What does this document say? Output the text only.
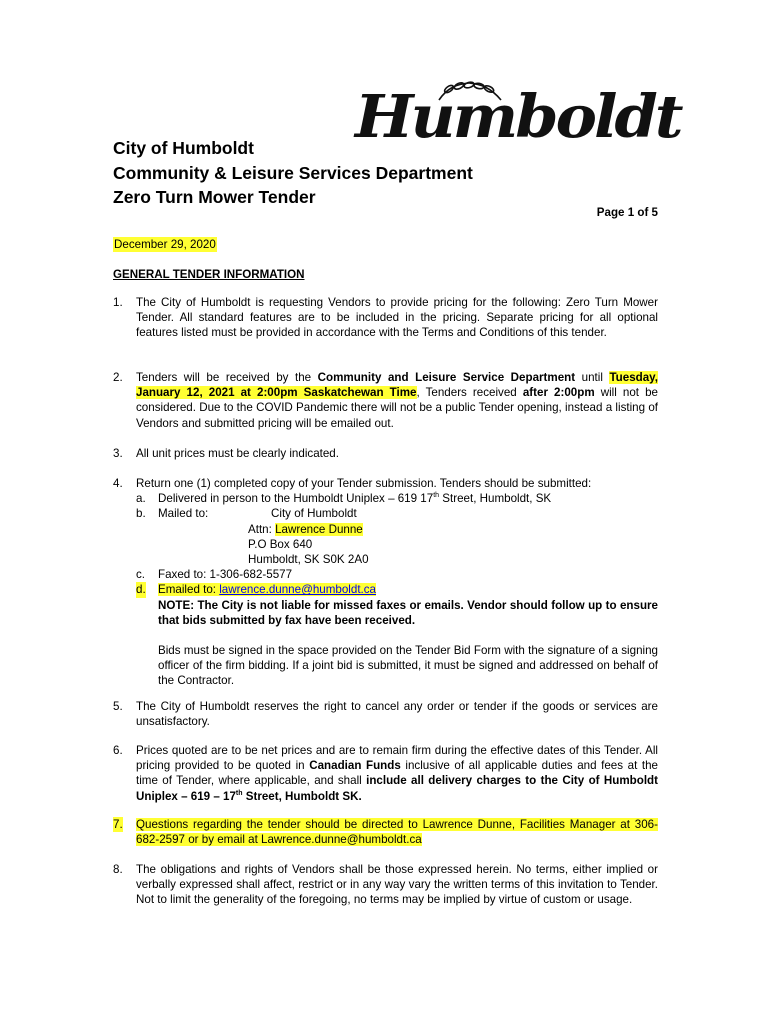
Humboldt
City of Humboldt
Community & Leisure Services Department
Zero Turn Mower Tender
Page 1 of 5
December 29, 2020
GENERAL TENDER INFORMATION
1. The City of Humboldt is requesting Vendors to provide pricing for the following: Zero Turn Mower Tender. All standard features are to be included in the pricing. Separate pricing for all optional features listed must be provided in accordance with the Terms and Conditions of this tender.
2. Tenders will be received by the Community and Leisure Service Department until Tuesday, January 12, 2021 at 2:00pm Saskatchewan Time, Tenders received after 2:00pm will not be considered. Due to the COVID Pandemic there will not be a public Tender opening, instead a listing of Vendors and submitted pricing will be emailed out.
3. All unit prices must be clearly indicated.
4. Return one (1) completed copy of your Tender submission. Tenders should be submitted:
a. Delivered in person to the Humboldt Uniplex – 619 17th Street, Humboldt, SK
b. Mailed to:	City of Humboldt
Attn: Lawrence Dunne
P.O Box 640
Humboldt, SK S0K 2A0
c. Faxed to: 1-306-682-5577
d. Emailed to: lawrence.dunne@humboldt.ca
NOTE: The City is not liable for missed faxes or emails. Vendor should follow up to ensure that bids submitted by fax have been received.
Bids must be signed in the space provided on the Tender Bid Form with the signature of a signing officer of the firm bidding. If a joint bid is submitted, it must be signed and addressed on behalf of the Contractor.
5. The City of Humboldt reserves the right to cancel any order or tender if the goods or services are unsatisfactory.
6. Prices quoted are to be net prices and are to remain firm during the effective dates of this Tender. All pricing provided to be quoted in Canadian Funds inclusive of all applicable duties and fees at the time of Tender, where applicable, and shall include all delivery charges to the City of Humboldt Uniplex – 619 – 17th Street, Humboldt SK.
7. Questions regarding the tender should be directed to Lawrence Dunne, Facilities Manager at 306-682-2597 or by email at Lawrence.dunne@humboldt.ca
8. The obligations and rights of Vendors shall be those expressed herein. No terms, either implied or verbally expressed shall affect, restrict or in any way vary the written terms of this invitation to Tender. Not to limit the generality of the foregoing, no terms may be implied by virtue of custom or usage.
